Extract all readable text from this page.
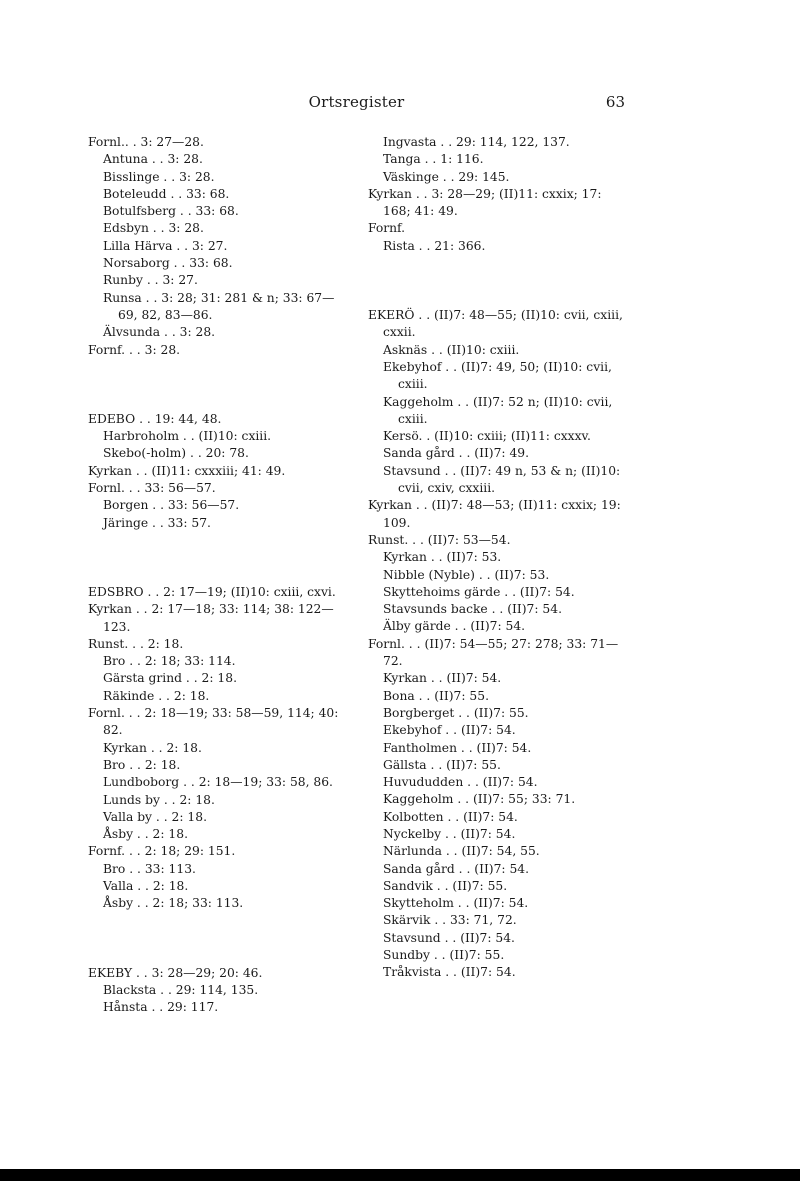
Ortsregister	63

Fornl.. . 3: 27—28.

Antuna . . 3: 28.

Bisslinge . . 3: 28.

Boteleudd . . 33: 68.

Botulfsberg . . 33: 68.

Edsbyn . . 3: 28.

Lilla Härva . . 3: 27.

Norsaborg . . 33: 68.

Runby . . 3: 27.

Runsa . . 3: 28; 31: 281 & n; 33: 67—69, 82, 83—86.

Älvsunda . . 3: 28.

Fornf. . . 3: 28.

EDEBO . . 19: 44, 48.

Harbroholm . . (II)10: cxiii.

Skebo(-holm) . . 20: 78.

Kyrkan . . (II)11: cxxxiii; 41: 49.

Fornl. . . 33: 56—57.

Borgen . . 33: 56—57.

Järinge . . 33: 57.

EDSBRO . . 2: 17—19; (II)10: cxiii, cxvi.

Kyrkan . . 2: 17—18; 33: 114; 38: 122—123.

Runst. . . 2: 18.

Bro . . 2: 18; 33: 114.

Gärsta grind . . 2: 18.

Räkinde . . 2: 18.

Fornl. . . 2: 18—19; 33: 58—59, 114; 40: 82.

Kyrkan . . 2: 18.

Bro . . 2: 18.

Lundboborg . . 2: 18—19; 33: 58, 86.

Lunds by . . 2: 18.

Valla by . . 2: 18.

Åsby . . 2: 18.

Fornf. . . 2: 18; 29: 151.

Bro . . 33: 113.

Valla . . 2: 18.

Åsby . . 2: 18; 33: 113.

EKEBY . . 3: 28—29; 20: 46.

Blacksta . . 29: 114, 135.

Hånsta . . 29: 117.

Ingvasta . . 29: 114, 122, 137.

Tanga . . 1: 116.

Väskinge . . 29: 145.

Kyrkan . . 3: 28—29; (II)11: cxxix; 17: 168; 41: 49.

Fornf.

Rista . . 21: 366.

EKERÖ . . (II)7: 48—55; (II)10: cvii, cxiii, cxxii.

Asknäs . . (II)10: cxiii.

Ekebyhof . . (II)7: 49, 50; (II)10: cvii, cxiii.

Kaggeholm . . (II)7: 52 n; (II)10: cvii, cxiii.

Kersö. . (II)10: cxiii; (II)11: cxxxv.

Sanda gård . . (II)7: 49.

Stavsund . . (II)7: 49 n, 53 & n; (II)10: cvii, cxiv, cxxiii.

Kyrkan . . (II)7: 48—53; (II)11: cxxix; 19: 109.

Runst. . . (II)7: 53—54.

Kyrkan . . (II)7: 53.

Nibble (Nyble) . . (II)7: 53.

Skyttehoims gärde . . (II)7: 54.

Stavsunds backe . . (II)7: 54.

Älby gärde . . (II)7: 54.

Fornl. . . (II)7: 54—55; 27: 278; 33: 71—72.

Kyrkan . . (II)7: 54.

Bona . . (II)7: 55.

Borgberget . . (II)7: 55.

Ekebyhof . . (II)7: 54.

Fantholmen . . (II)7: 54.

Gällsta . . (II)7: 55.

Huvududden . . (II)7: 54.

Kaggeholm . . (II)7: 55; 33: 71.

Kolbotten . . (II)7: 54.

Nyckelby . . (II)7: 54.

Närlunda . . (II)7: 54, 55.

Sanda gård . . (II)7: 54.

Sandvik . . (II)7: 55.

Skytteholm . . (II)7: 54.

Skärvik . . 33: 71, 72.

Stavsund . . (II)7: 54.

Sundby . . (II)7: 55.

Tråkvista . . (II)7: 54.
